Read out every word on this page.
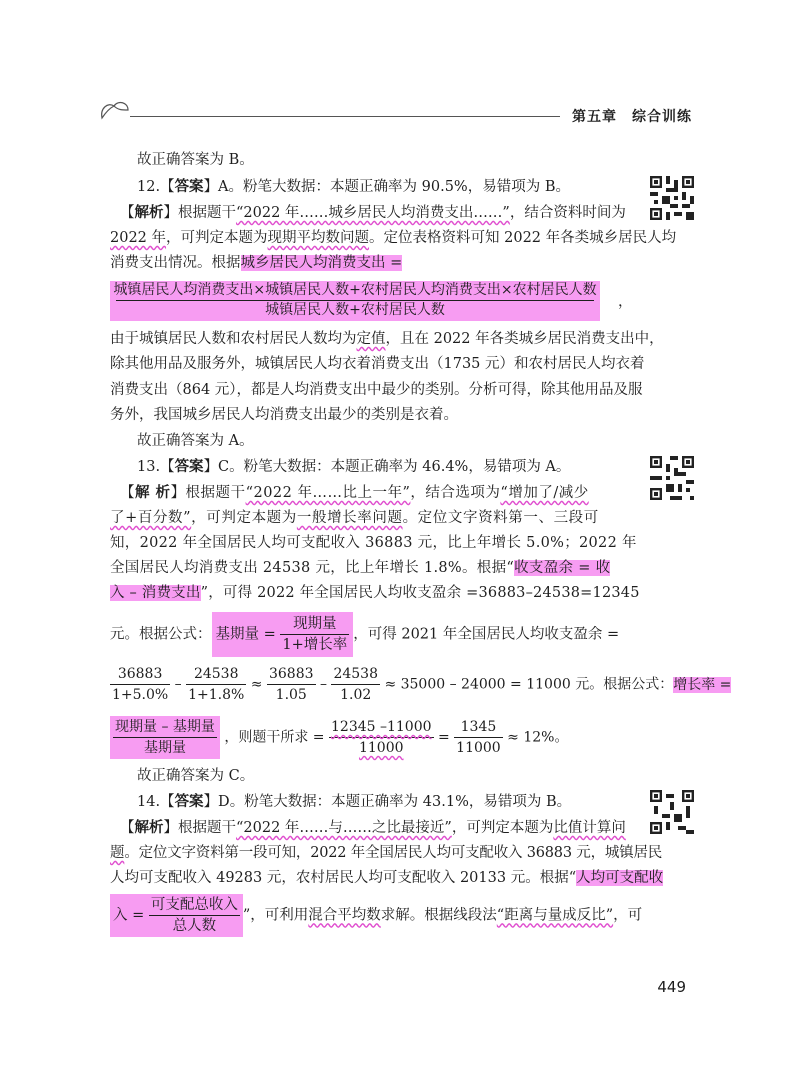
第五章　综合训练
故正确答案为 B。
12.【答案】A。粉笔大数据：本题正确率为 90.5%，易错项为 B。
【解析】根据题干“2022 年……城乡居民人均消费支出……”，结合资料时间为
2022 年，可判定本题为现期平均数问题。定位表格资料可知 2022 年各类城乡居民人均
消费支出情况。根据城乡居民人均消费支出 =
城镇居民人均消费支出×城镇居民人数+农村居民人均消费支出×农村居民人数
城镇居民人数+农村居民人数	，
由于城镇居民人数和农村居民人数均为定值，且在 2022 年各类城乡居民消费支出中，
除其他用品及服务外，城镇居民人均衣着消费支出（1735 元）和农村居民人均衣着
消费支出（864 元），都是人均消费支出中最少的类别。分析可得，除其他用品及服
务外，我国城乡居民人均消费支出最少的类别是衣着。
故正确答案为 A。
13.【答案】C。粉笔大数据：本题正确率为 46.4%，易错项为 A。
【解 析】根据题干“2022 年……比上一年”，结合选项为“增加了/减少
了+百分数”，可判定本题为一般增长率问题。定位文字资料第一、三段可
知，2022 年全国居民人均可支配收入 36883 元，比上年增长 5.0%；2022 年
全国居民人均消费支出 24538 元，比上年增长 1.8%。根据“收支盈余 = 收
入 – 消费支出”，可得 2022 年全国居民人均收支盈余 =36883–24538=12345
元。根据公式： 基期量 = $\frac{\text{现期量}}{\text{1+增长率}}$ ，可得 2021 年全国居民人均收支盈余 =
$\frac{36883}{1+5.0\%} - \frac{24538}{1+1.8\%} \approx \frac{36883}{1.05} - \frac{24538}{1.02} \approx 35000 - 24000 = 11000$ 元。根据公式：增长率 =
$\frac{\text{现期量 – 基期量}}{\text{基期量}}$ ，则题干所求 = $\frac{12345 -11000}{11000} = \frac{1345}{11000} \approx 12\%$。
故正确答案为 C。
14.【答案】D。粉笔大数据：本题正确率为 43.1%，易错项为 B。
【解析】根据题干“2022 年……与……之比最接近”，可判定本题为比值计算问
题。定位文字资料第一段可知，2022 年全国居民人均可支配收入 36883 元，城镇居民
人均可支配收入 49283 元，农村居民人均可支配收入 20133 元。根据“人均可支配收
入 = $\frac{\text{可支配总收入}}{\text{总人数}}$ ”，可利用混合平均数求解。根据线段法“距离与量成反比”，可
449
